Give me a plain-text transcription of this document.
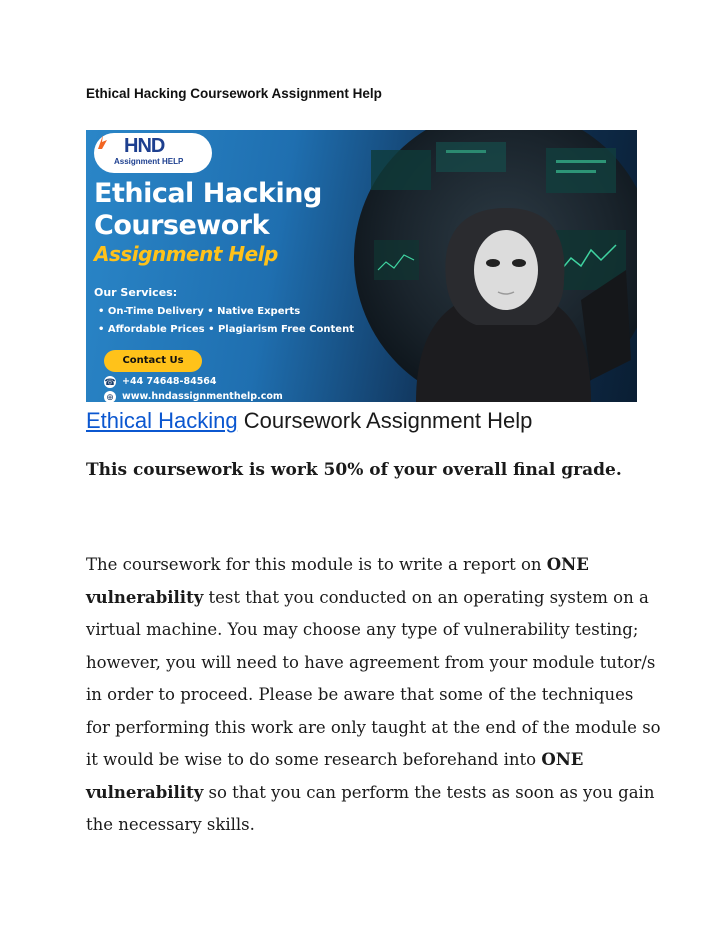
Ethical Hacking Coursework Assignment Help
HND
Assignment HELP
Ethical Hacking
Coursework
Assignment Help
Our Services:
• On-Time Delivery • Native Experts
• Affordable Prices • Plagiarism Free Content
Contact Us
☎ +44 74648-84564
⊕ www.hndassignmenthelp.com
Ethical Hacking Coursework Assignment Help
This coursework is work 50% of your overall final grade.
The coursework for this module is to write a report on ONE vulnerability test that you conducted on an operating system on a virtual machine. You may choose any type of vulnerability testing; however, you will need to have agreement from your module tutor/s in order to proceed. Please be aware that some of the techniques for performing this work are only taught at the end of the module so it would be wise to do some research beforehand into ONE vulnerability so that you can perform the tests as soon as you gain the necessary skills.
